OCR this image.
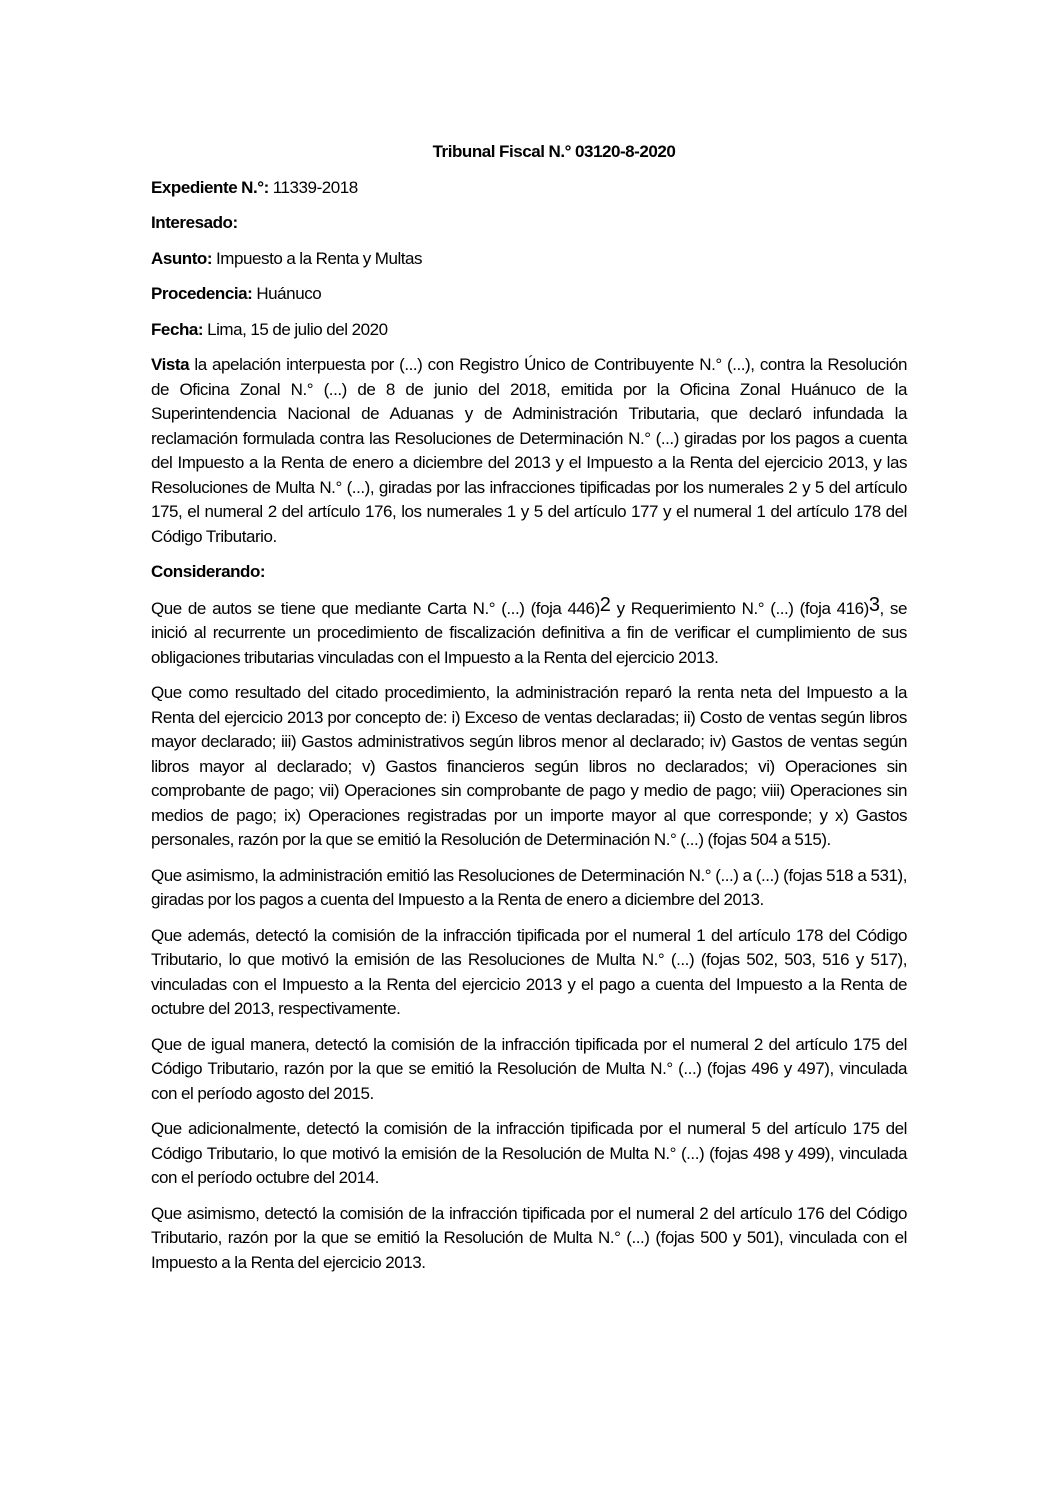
Tribunal Fiscal N.° 03120-8-2020
Expediente N.°: 11339-2018
Interesado:
Asunto: Impuesto a la Renta y Multas
Procedencia: Huánuco
Fecha: Lima, 15 de julio del 2020

Vista la apelación interpuesta por (...) con Registro Único de Contribuyente N.° (...), contra la Resolución de Oficina Zonal N.° (...) de 8 de junio del 2018, emitida por la Oficina Zonal Huánuco de la Superintendencia Nacional de Aduanas y de Administración Tributaria, que declaró infundada la reclamación formulada contra las Resoluciones de Determinación N.° (...) giradas por los pagos a cuenta del Impuesto a la Renta de enero a diciembre del 2013 y el Impuesto a la Renta del ejercicio 2013, y las Resoluciones de Multa N.° (...), giradas por las infracciones tipificadas por los numerales 2 y 5 del artículo 175, el numeral 2 del artículo 176, los numerales 1 y 5 del artículo 177 y el numeral 1 del artículo 178 del Código Tributario.

Considerando:

Que de autos se tiene que mediante Carta N.° (...) (foja 446)2 y Requerimiento N.° (...) (foja 416)3, se inició al recurrente un procedimiento de fiscalización definitiva a fin de verificar el cumplimiento de sus obligaciones tributarias vinculadas con el Impuesto a la Renta del ejercicio 2013.

Que como resultado del citado procedimiento, la administración reparó la renta neta del Impuesto a la Renta del ejercicio 2013 por concepto de: i) Exceso de ventas declaradas; ii) Costo de ventas según libros mayor declarado; iii) Gastos administrativos según libros menor al declarado; iv) Gastos de ventas según libros mayor al declarado; v) Gastos financieros según libros no declarados; vi) Operaciones sin comprobante de pago; vii) Operaciones sin comprobante de pago y medio de pago; viii) Operaciones sin medios de pago; ix) Operaciones registradas por un importe mayor al que corresponde; y x) Gastos personales, razón por la que se emitió la Resolución de Determinación N.° (...) (fojas 504 a 515).

Que asimismo, la administración emitió las Resoluciones de Determinación N.° (...) a (...) (fojas 518 a 531), giradas por los pagos a cuenta del Impuesto a la Renta de enero a diciembre del 2013.

Que además, detectó la comisión de la infracción tipificada por el numeral 1 del artículo 178 del Código Tributario, lo que motivó la emisión de las Resoluciones de Multa N.° (...) (fojas 502, 503, 516 y 517), vinculadas con el Impuesto a la Renta del ejercicio 2013 y el pago a cuenta del Impuesto a la Renta de octubre del 2013, respectivamente.

Que de igual manera, detectó la comisión de la infracción tipificada por el numeral 2 del artículo 175 del Código Tributario, razón por la que se emitió la Resolución de Multa N.° (...) (fojas 496 y 497), vinculada con el período agosto del 2015.

Que adicionalmente, detectó la comisión de la infracción tipificada por el numeral 5 del artículo 175 del Código Tributario, lo que motivó la emisión de la Resolución de Multa N.° (...) (fojas 498 y 499), vinculada con el período octubre del 2014.

Que asimismo, detectó la comisión de la infracción tipificada por el numeral 2 del artículo 176 del Código Tributario, razón por la que se emitió la Resolución de Multa N.° (...) (fojas 500 y 501), vinculada con el Impuesto a la Renta del ejercicio 2013.
